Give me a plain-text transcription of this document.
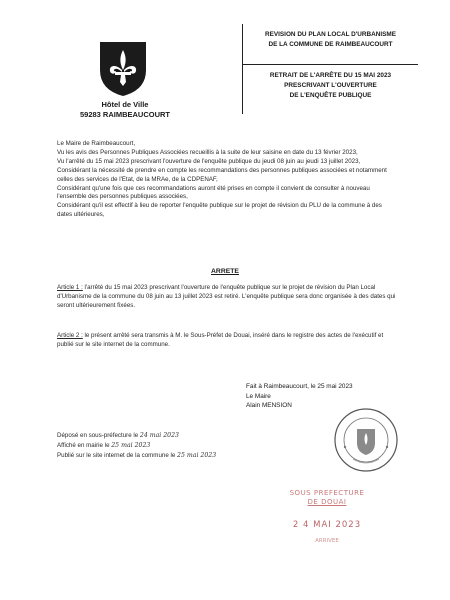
Hôtel de Ville
59283 RAIMBEAUCOURT
REVISION DU PLAN LOCAL D'URBANISME
DE LA COMMUNE DE RAIMBEAUCOURT
RETRAIT DE L'ARRÊTE DU 15 MAI 2023
PRESCRIVANT L'OUVERTURE
DE L'ENQUÊTE PUBLIQUE

Le Maire de Raimbeaucourt,

Vu les avis des Personnes Publiques Associées recueillis à la suite de leur saisine en date du 13 février 2023,

Vu l'arrêté du 15 mai 2023 prescrivant l'ouverture de l'enquête publique du jeudi 08 juin au jeudi 13 juillet 2023,

Considérant la nécessité de prendre en compte les recommandations des personnes publiques associées et notamment celles des services de l'Etat, de la MRAe, de la CDPENAF,

Considérant qu'une fois que ces recommandations auront été prises en compte il convient de consulter à nouveau l'ensemble des personnes publiques associées,

Considérant qu'il est effectif à lieu de reporter l'enquête publique sur le projet de révision du PLU de la commune à des dates ultérieures,

ARRETE
Article 1 : l'arrêté du 15 mai 2023 prescrivant l'ouverture de l'enquête publique sur le projet de révision du Plan Local d'Urbanisme de la commune du 08 juin au 13 juillet 2023 est retiré. L'enquête publique sera donc organisée à des dates qui seront ultérieurement fixées.
Article 2 : le présent arrêté sera transmis à M. le Sous-Préfet de Douai, inséré dans le registre des actes de l'exécutif et publié sur le site internet de la commune.
Fait à Raimbeaucourt, le 25 mai 2023
Le Maire
Alain MENSION
Déposé en sous-préfecture le 24 mai 2023
Affiché en mairie le 25 mai 2023
Publié sur le site internet de la commune le 25 mai 2023
SOUS PREFECTURE
DE DOUAI
2 4 MAI 2023
ARRIVEE
